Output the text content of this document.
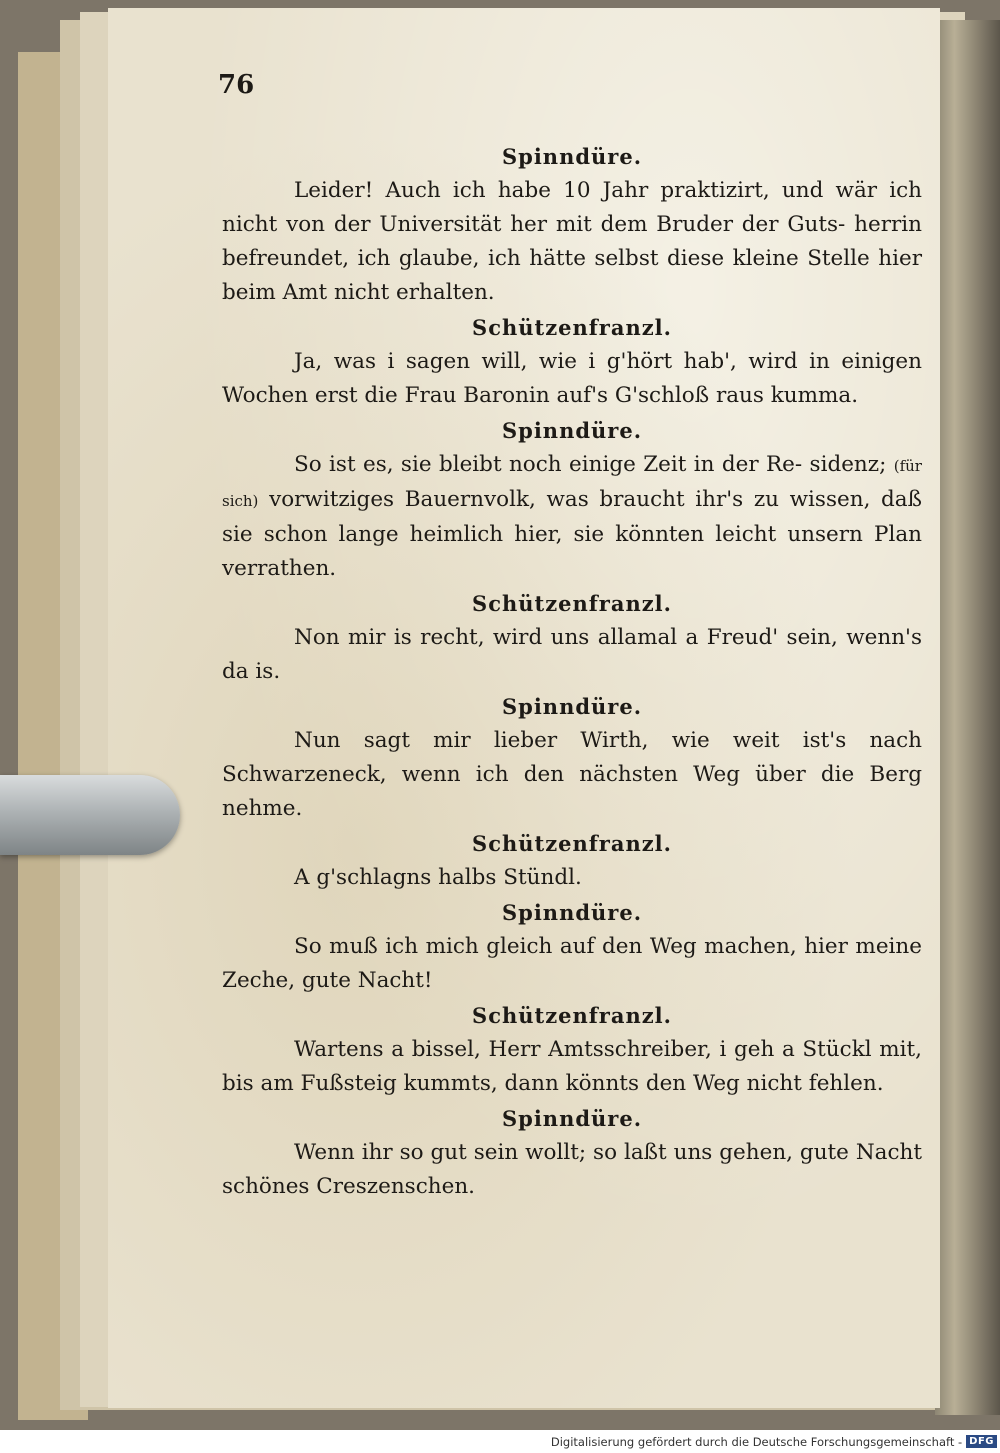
76

Spinndüre.

Leider! Auch ich habe 10 Jahr praktizirt, und wär ich nicht von der Universität her mit dem Bruder der Guts- herrin befreundet, ich glaube, ich hätte selbst diese kleine Stelle hier beim Amt nicht erhalten.

Schützenfranzl.

Ja, was i sagen will, wie i g'hört hab', wird in einigen Wochen erst die Frau Baronin auf's G'schloß raus kumma.

Spinndüre.

So ist es, sie bleibt noch einige Zeit in der Re- sidenz; (für sich) vorwitziges Bauernvolk, was braucht ihr's zu wissen, daß sie schon lange heimlich hier, sie könnten leicht unsern Plan verrathen.

Schützenfranzl.

Non mir is recht, wird uns allamal a Freud' sein, wenn's da is.

Spinndüre.

Nun sagt mir lieber Wirth, wie weit ist's nach Schwarzeneck, wenn ich den nächsten Weg über die Berg nehme.

Schützenfranzl.

A g'schlagns halbs Stündl.

Spinndüre.

So muß ich mich gleich auf den Weg machen, hier meine Zeche, gute Nacht!

Schützenfranzl.

Wartens a bissel, Herr Amtsschreiber, i geh a Stückl mit, bis am Fußsteig kummts, dann könnts den Weg nicht fehlen.

Spinndüre.

Wenn ihr so gut sein wollt; so laßt uns gehen, gute Nacht schönes Creszenschen.

Digitalisierung gefördert durch die Deutsche Forschungsgemeinschaft - DFG
